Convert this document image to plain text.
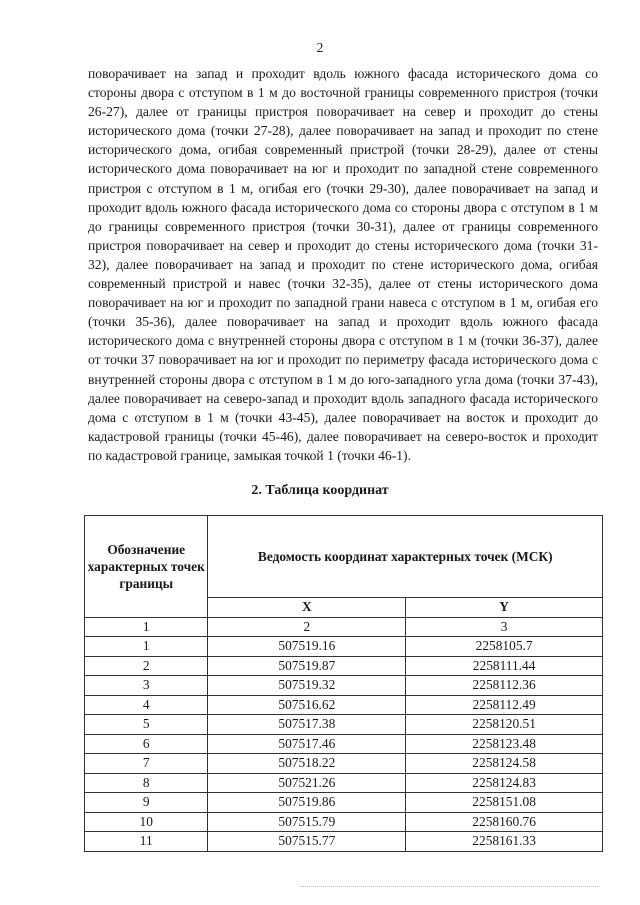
2

поворачивает на запад и проходит вдоль южного фасада исторического дома со стороны двора с отступом в 1 м до восточной границы современного пристроя (точки 26-27), далее от границы пристроя поворачивает на север и проходит до стены исторического дома (точки 27-28), далее поворачивает на запад и проходит по стене исторического дома, огибая современный пристрой (точки 28-29), далее от стены исторического дома поворачивает на юг и проходит по западной стене современного пристроя с отступом в 1 м, огибая его (точки 29-30), далее поворачивает на запад и проходит вдоль южного фасада исторического дома со стороны двора с отступом в 1 м до границы современного пристроя (точки 30-31), далее от границы современного пристроя поворачивает на север и проходит до стены исторического дома (точки 31-32), далее поворачивает на запад и проходит по стене исторического дома, огибая современный пристрой и навес (точки 32-35), далее от стены исторического дома поворачивает на юг и проходит по западной грани навеса с отступом в 1 м, огибая его (точки 35-36), далее поворачивает на запад и проходит вдоль южного фасада исторического дома с внутренней стороны двора с отступом в 1 м (точки 36-37), далее от точки 37 поворачивает на юг и проходит по периметру фасада исторического дома с внутренней стороны двора с отступом в 1 м до юго-западного угла дома (точки 37-43), далее поворачивает на северо-запад и проходит вдоль западного фасада исторического дома с отступом в 1 м (точки 43-45), далее поворачивает на восток и проходит до кадастровой границы (точки 45-46), далее поворачивает на северо-восток и проходит по кадастровой границе, замыкая точкой 1 (точки 46-1).

2. Таблица координат
Обозначение характерных точек границы	Ведомость координат характерных точек (МСК)	
	X	Y
1	2	3
1	507519.16	2258105.7
2	507519.87	2258111.44
3	507519.32	2258112.36
4	507516.62	2258112.49
5	507517.38	2258120.51
6	507517.46	2258123.48
7	507518.22	2258124.58
8	507521.26	2258124.83
9	507519.86	2258151.08
10	507515.79	2258160.76
11	507515.77	2258161.33
